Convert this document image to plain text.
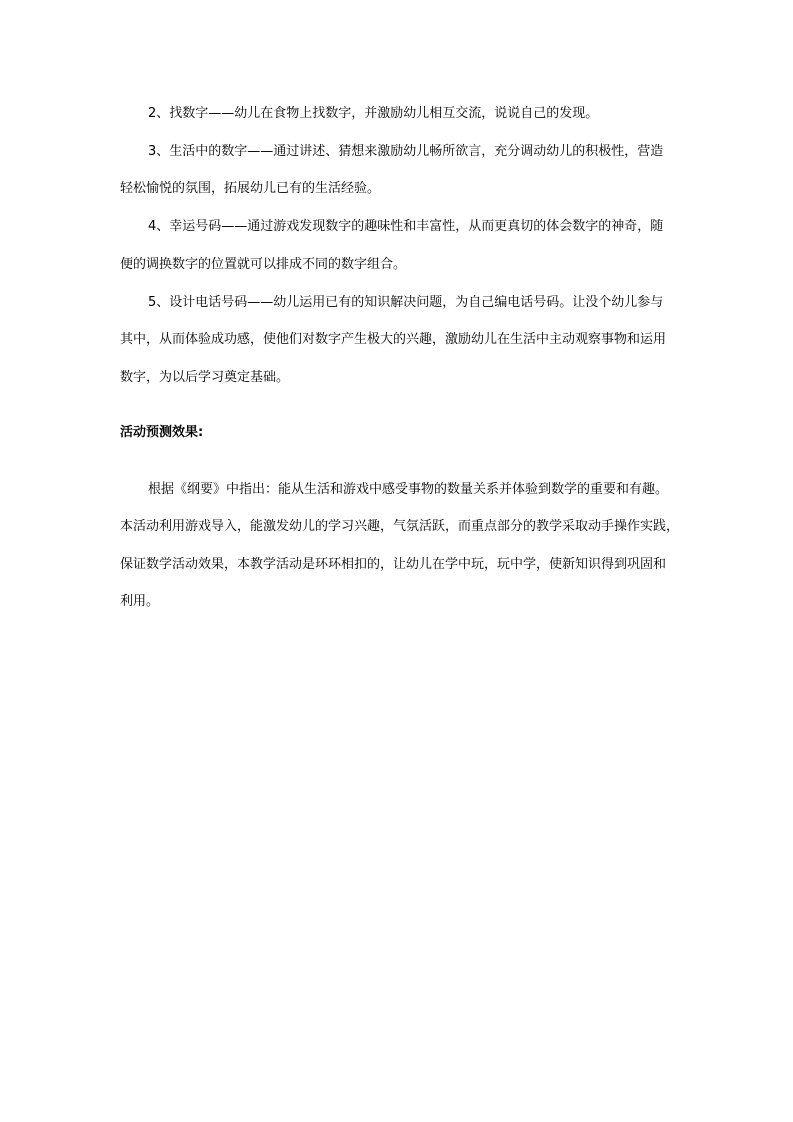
2、找数字——幼儿在食物上找数字，并激励幼儿相互交流，说说自己的发现。
3、生活中的数字——通过讲述、猜想来激励幼儿畅所欲言，充分调动幼儿的积极性，营造
轻松愉悦的氛围，拓展幼儿已有的生活经验。
4、幸运号码——通过游戏发现数字的趣味性和丰富性，从而更真切的体会数字的神奇，随
便的调换数字的位置就可以排成不同的数字组合。
5、设计电话号码——幼儿运用已有的知识解决问题，为自己编电话号码。让没个幼儿参与
其中，从而体验成功感，使他们对数字产生极大的兴趣，激励幼儿在生活中主动观察事物和运用
数字，为以后学习奠定基础。
活动预测效果:
根据《纲要》中指出：能从生活和游戏中感受事物的数量关系并体验到数学的重要和有趣。
本活动利用游戏导入，能激发幼儿的学习兴趣，气氛活跃，而重点部分的教学采取动手操作实践，
保证数学活动效果，本教学活动是环环相扣的，让幼儿在学中玩，玩中学，使新知识得到巩固和
利用。
